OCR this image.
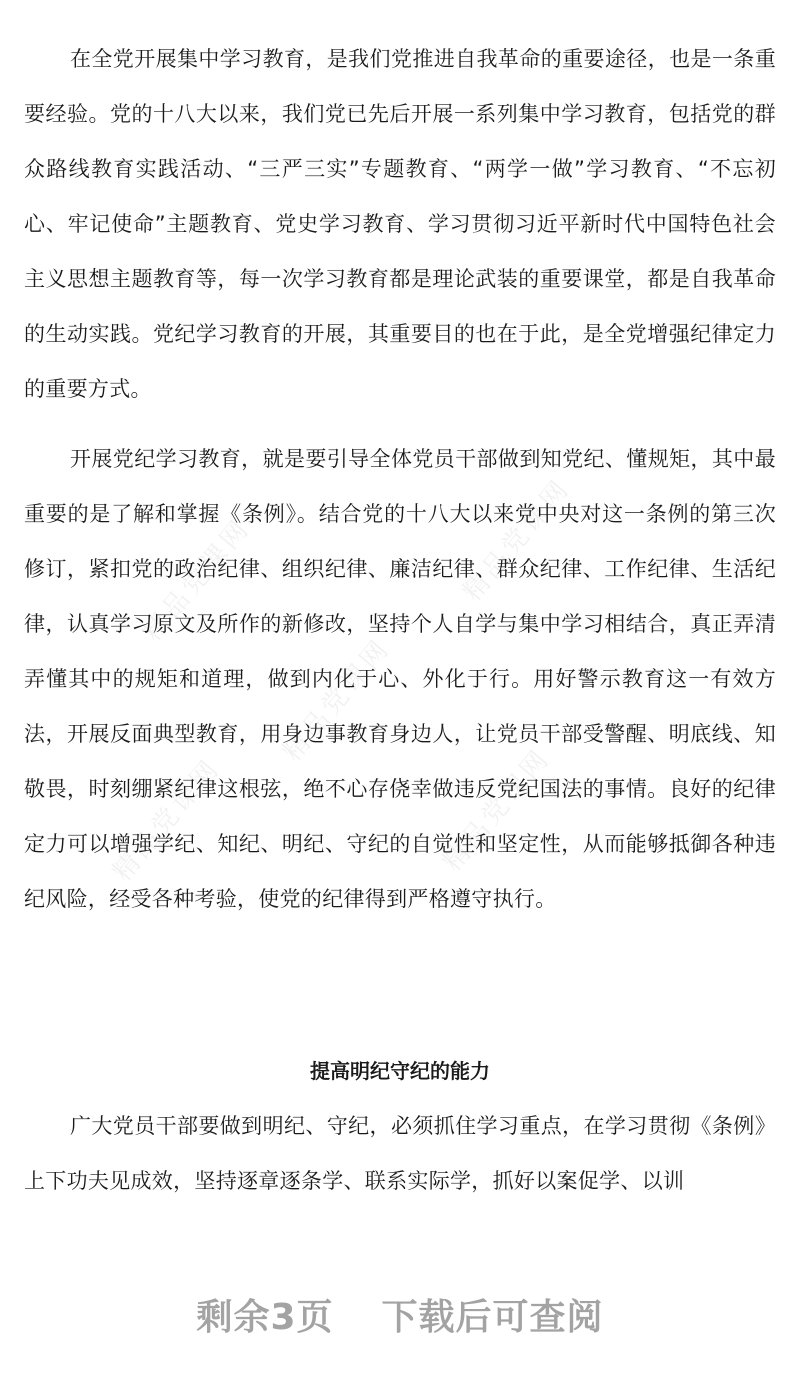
精品党课网	精品党课网
精品党课网	精品党课网
精品党课网

在全党开展集中学习教育，是我们党推进自我革命的重要途径，也是一条重要经验。党的十八大以来，我们党已先后开展一系列集中学习教育，包括党的群众路线教育实践活动、“三严三实”专题教育、“两学一做”学习教育、“不忘初心、牢记使命”主题教育、党史学习教育、学习贯彻习近平新时代中国特色社会主义思想主题教育等，每一次学习教育都是理论武装的重要课堂，都是自我革命的生动实践。党纪学习教育的开展，其重要目的也在于此，是全党增强纪律定力的重要方式。

开展党纪学习教育，就是要引导全体党员干部做到知党纪、懂规矩，其中最重要的是了解和掌握《条例》。结合党的十八大以来党中央对这一条例的第三次修订，紧扣党的政治纪律、组织纪律、廉洁纪律、群众纪律、工作纪律、生活纪律，认真学习原文及所作的新修改，坚持个人自学与集中学习相结合，真正弄清弄懂其中的规矩和道理，做到内化于心、外化于行。用好警示教育这一有效方法，开展反面典型教育，用身边事教育身边人，让党员干部受警醒、明底线、知敬畏，时刻绷紧纪律这根弦，绝不心存侥幸做违反党纪国法的事情。良好的纪律定力可以增强学纪、知纪、明纪、守纪的自觉性和坚定性，从而能够抵御各种违纪风险，经受各种考验，使党的纪律得到严格遵守执行。

提高明纪守纪的能力

广大党员干部要做到明纪、守纪，必须抓住学习重点，在学习贯彻《条例》上下功夫见成效，坚持逐章逐条学、联系实际学，抓好以案促学、以训

剩余3页 下载后可查阅
